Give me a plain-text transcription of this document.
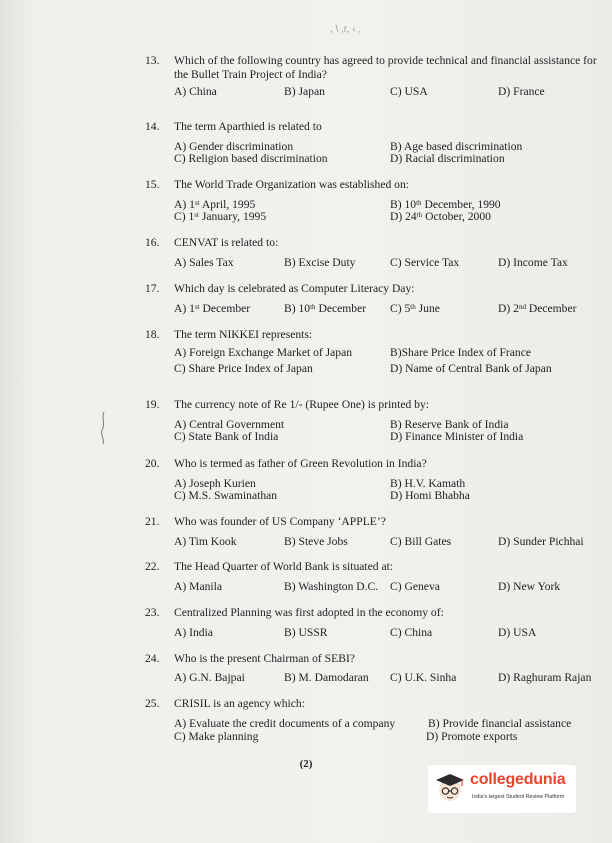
, \ ,r, ‹ ,
13.	Which of the following country has agreed to provide technical and financial assistance for the Bullet Train Project of India?
A) China	B) Japan	C) USA	D) France
14.	The term Aparthied is related to
A) Gender discrimination	B) Age based discrimination
C) Religion based discrimination	D) Racial discrimination
15.	The World Trade Organization was established on:
A) 1st April, 1995	B) 10th December, 1990
C) 1st January, 1995	D) 24th October, 2000
16.	CENVAT is related to:
A) Sales Tax	B) Excise Duty	C) Service Tax	D) Income Tax
17.	Which day is celebrated as Computer Literacy Day:
A) 1st December	B) 10th December C) 5th June	D) 2nd December
18.	The term NIKKEI represents:
A) Foreign Exchange Market of Japan	B)Share Price Index of France
C) Share Price Index of Japan	D) Name of Central Bank of Japan
19.	The currency note of Re 1/- (Rupee One) is printed by:
A) Central Government	B) Reserve Bank of India
C) State Bank of India	D) Finance Minister of India
20.	Who is termed as father of Green Revolution in India?
A) Joseph Kurien	B) H.V. Kamath
C) M.S. Swaminathan	D) Homi Bhabha
21.	Who was founder of US Company ‘APPLE’?
A) Tim Kook	B) Steve Jobs	C) Bill Gates	D) Sunder Pichhai
22.	The Head Quarter of World Bank is situated at:
A) Manila	B) Washington D.C. C) Geneva	D) New York
23.	Centralized Planning was first adopted in the economy of:
A) India	B) USSR	C) China	D) USA
24.	Who is the present Chairman of SEBI?
A) G.N. Bajpai	B) M. Damodaran C) U.K. Sinha	D) Raghuram Rajan
25.	CRISIL is an agency which:
A) Evaluate the credit documents of a company	B) Provide financial assistance
C) Make planning	D) Promote exports
(2)
collegedunia
India's largest Student Review Platform
